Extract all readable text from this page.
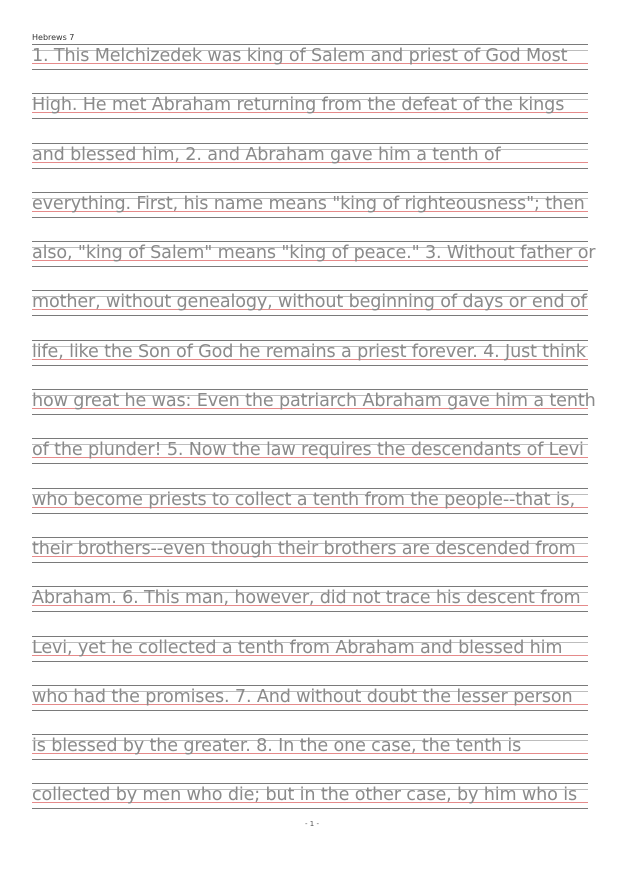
Hebrews 7
1. This Melchizedek was king of Salem and priest of God Most
High. He met Abraham returning from the defeat of the kings
and blessed him, 2. and Abraham gave him a tenth of
everything. First, his name means "king of righteousness"; then
also, "king of Salem" means "king of peace." 3. Without father or
mother, without genealogy, without beginning of days or end of
life, like the Son of God he remains a priest forever. 4. Just think
how great he was: Even the patriarch Abraham gave him a tenth
of the plunder! 5. Now the law requires the descendants of Levi
who become priests to collect a tenth from the people--that is,
their brothers--even though their brothers are descended from
Abraham. 6. This man, however, did not trace his descent from
Levi, yet he collected a tenth from Abraham and blessed him
who had the promises. 7. And without doubt the lesser person
is blessed by the greater. 8. In the one case, the tenth is
collected by men who die; but in the other case, by him who is
- 1 -
